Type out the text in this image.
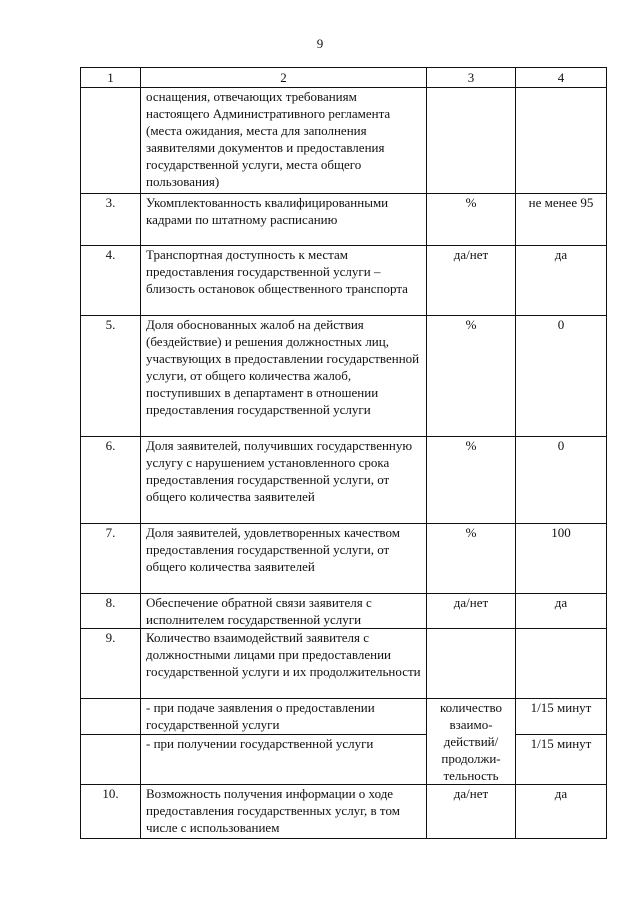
9
1	2	3	4
	оснащения, отвечающих требованиям настоящего Административного регламента (места ожидания, места для заполнения заявителями документов и предоставления государственной услуги, места общего пользования)		
3.	Укомплектованность квалифицированными кадрами по штатному расписанию	%	не менее 95
4.	Транспортная доступность к местам предоставления государственной услуги – близость остановок общественного транспорта	да/нет	да
5.	Доля обоснованных жалоб на действия (бездействие) и решения должностных лиц, участвующих в предоставлении государственной услуги, от общего количества жалоб, поступивших в департамент в отношении предоставления государственной услуги	%	0
6.	Доля заявителей, получивших государственную услугу с нарушением установленного срока предоставления государственной услуги, от общего количества заявителей	%	0
7.	Доля заявителей, удовлетворенных качеством предоставления государственной услуги, от общего количества заявителей	%	100
8.	Обеспечение обратной связи заявителя с исполнителем государственной услуги	да/нет	да
9.	Количество взаимодействий заявителя с должностными лицами при предоставлении государственной услуги и их продолжительности		
	- при подаче заявления о предоставлении государственной услуги	количество взаимо-действий/ продолжи-тельность	1/15 минут
	- при получении государственной услуги		1/15 минут
10.	Возможность получения информации о ходе предоставления государственных услуг, в том числе с использованием	да/нет	да
